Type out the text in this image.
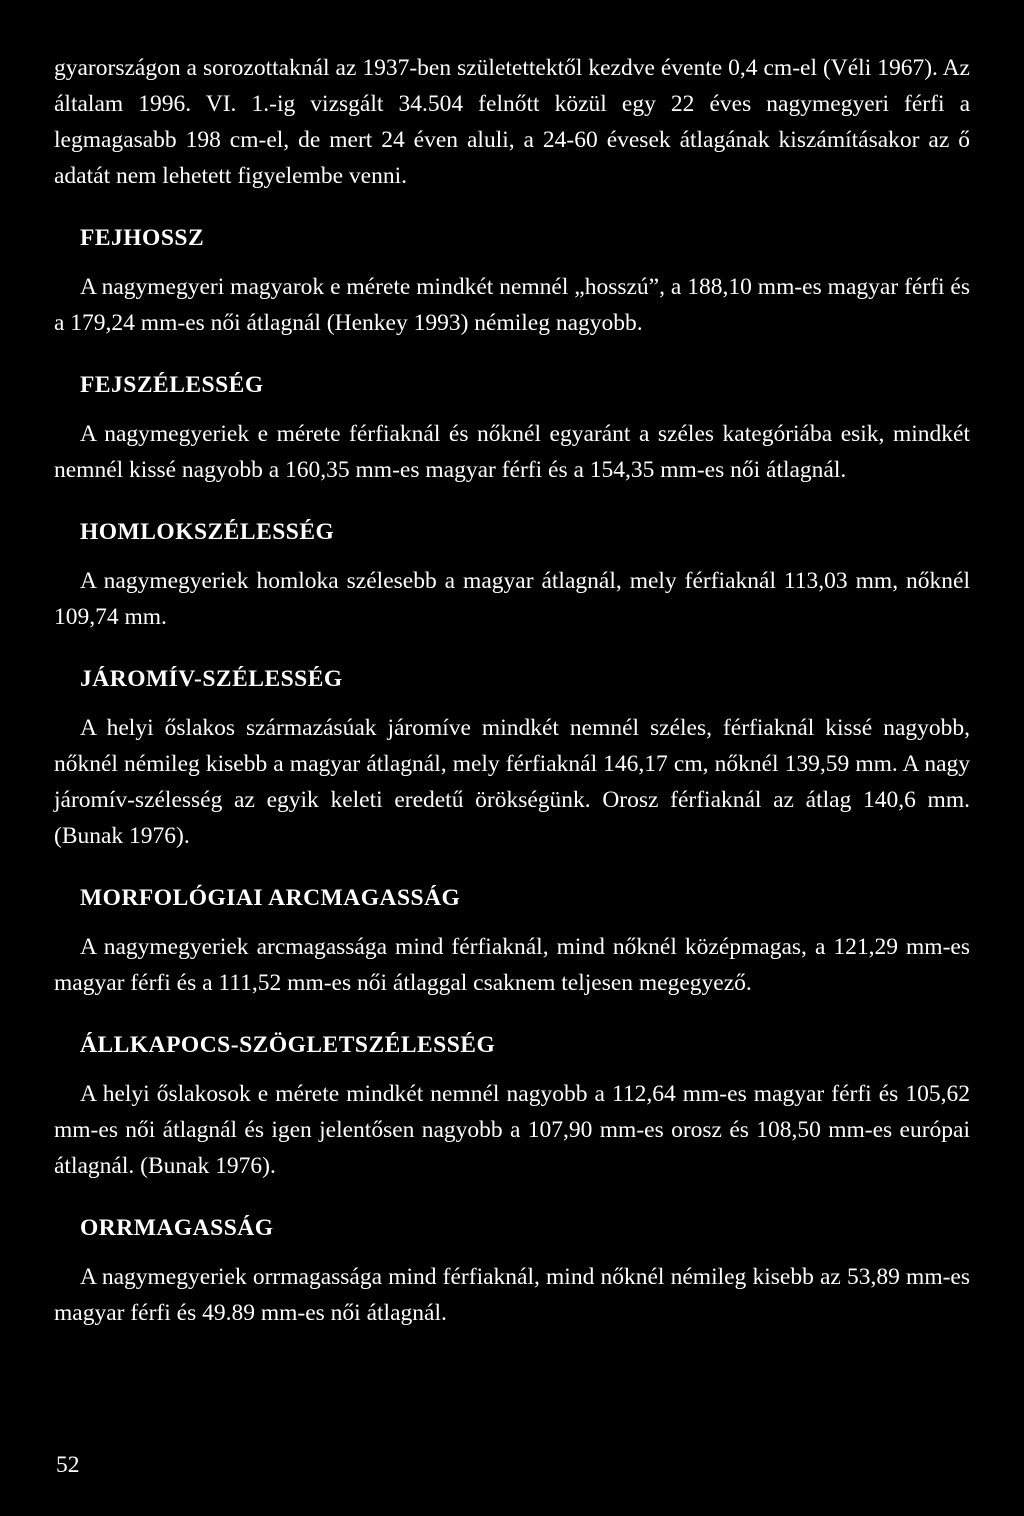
gyarországon a sorozottaknál az 1937-ben születettektől kezdve évente 0,4 cm-el (Véli 1967). Az általam 1996. VI. 1.-ig vizsgált 34.504 felnőtt közül egy 22 éves nagymegyeri férfi a legmagasabb 198 cm-el, de mert 24 éven aluli, a 24-60 évesek átlagának kiszámításakor az ő adatát nem lehetett figyelembe venni.

FEJHOSSZ

A nagymegyeri magyarok e mérete mindkét nemnél „hosszú”, a 188,10 mm-es magyar férfi és a 179,24 mm-es női átlagnál (Henkey 1993) némileg nagyobb.

FEJSZÉLESSÉG

A nagymegyeriek e mérete férfiaknál és nőknél egyaránt a széles kategóriába esik, mindkét nemnél kissé nagyobb a 160,35 mm-es magyar férfi és a 154,35 mm-es női átlagnál.

HOMLOKSZÉLESSÉG

A nagymegyeriek homloka szélesebb a magyar átlagnál, mely férfiaknál 113,03 mm, nőknél 109,74 mm.

JÁROMÍV-SZÉLESSÉG

A helyi őslakos származásúak járomíve mindkét nemnél széles, férfiaknál kissé nagyobb, nőknél némileg kisebb a magyar átlagnál, mely férfiaknál 146,17 cm, nőknél 139,59 mm. A nagy járomív-szélesség az egyik keleti eredetű örökségünk. Orosz férfiaknál az átlag 140,6 mm. (Bunak 1976).

MORFOLÓGIAI ARCMAGASSÁG

A nagymegyeriek arcmagassága mind férfiaknál, mind nőknél középmagas, a 121,29 mm-es magyar férfi és a 111,52 mm-es női átlaggal csaknem teljesen megegyező.

ÁLLKAPOCS-SZÖGLETSZÉLESSÉG

A helyi őslakosok e mérete mindkét nemnél nagyobb a 112,64 mm-es magyar férfi és 105,62 mm-es női átlagnál és igen jelentősen nagyobb a 107,90 mm-es orosz és 108,50 mm-es európai átlagnál. (Bunak 1976).

ORRMAGASSÁG

A nagymegyeriek orrmagassága mind férfiaknál, mind nőknél némileg kisebb az 53,89 mm-es magyar férfi és 49.89 mm-es női átlagnál.

52
